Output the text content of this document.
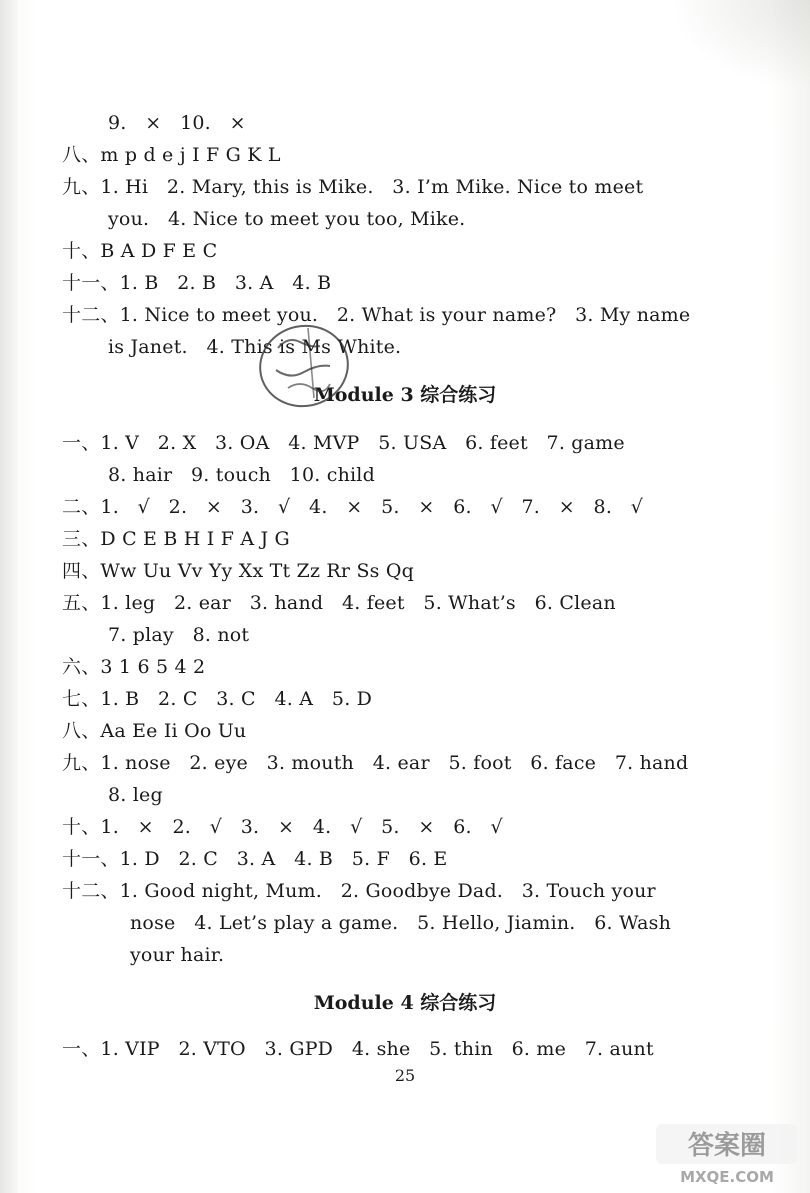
9.   ×   10.   ×
八、m p d e j I F G K L
九、1. Hi   2. Mary, this is Mike.   3. I’m Mike. Nice to meet
you.   4. Nice to meet you too, Mike.
十、B A D F E C
十一、1. B   2. B   3. A   4. B
十二、1. Nice to meet you.   2. What is your name?   3. My name
is Janet.   4. This is Ms White.
Module 3 综合练习
一、1. V   2. X   3. OA   4. MVP   5. USA   6. feet   7. game
8. hair   9. touch   10. child
二、1.   √   2.   ×   3.   √   4.   ×   5.   ×   6.   √   7.   ×   8.   √
三、D C E B H I F A J G
四、Ww Uu Vv Yy Xx Tt Zz Rr Ss Qq
五、1. leg   2. ear   3. hand   4. feet   5. What’s   6. Clean
7. play   8. not
六、3 1 6 5 4 2
七、1. B   2. C   3. C   4. A   5. D
八、Aa Ee Ii Oo Uu
九、1. nose   2. eye   3. mouth   4. ear   5. foot   6. face   7. hand
8. leg
十、1.   ×   2.   √   3.   ×   4.   √   5.   ×   6.   √
十一、1. D   2. C   3. A   4. B   5. F   6. E
十二、1. Good night, Mum.   2. Goodbye Dad.   3. Touch your
nose   4. Let’s play a game.   5. Hello, Jiamin.   6. Wash
your hair.
Module 4 综合练习
一、1. VIP   2. VTO   3. GPD   4. she   5. thin   6. me   7. aunt
25
答案圈
MXQE.COM
